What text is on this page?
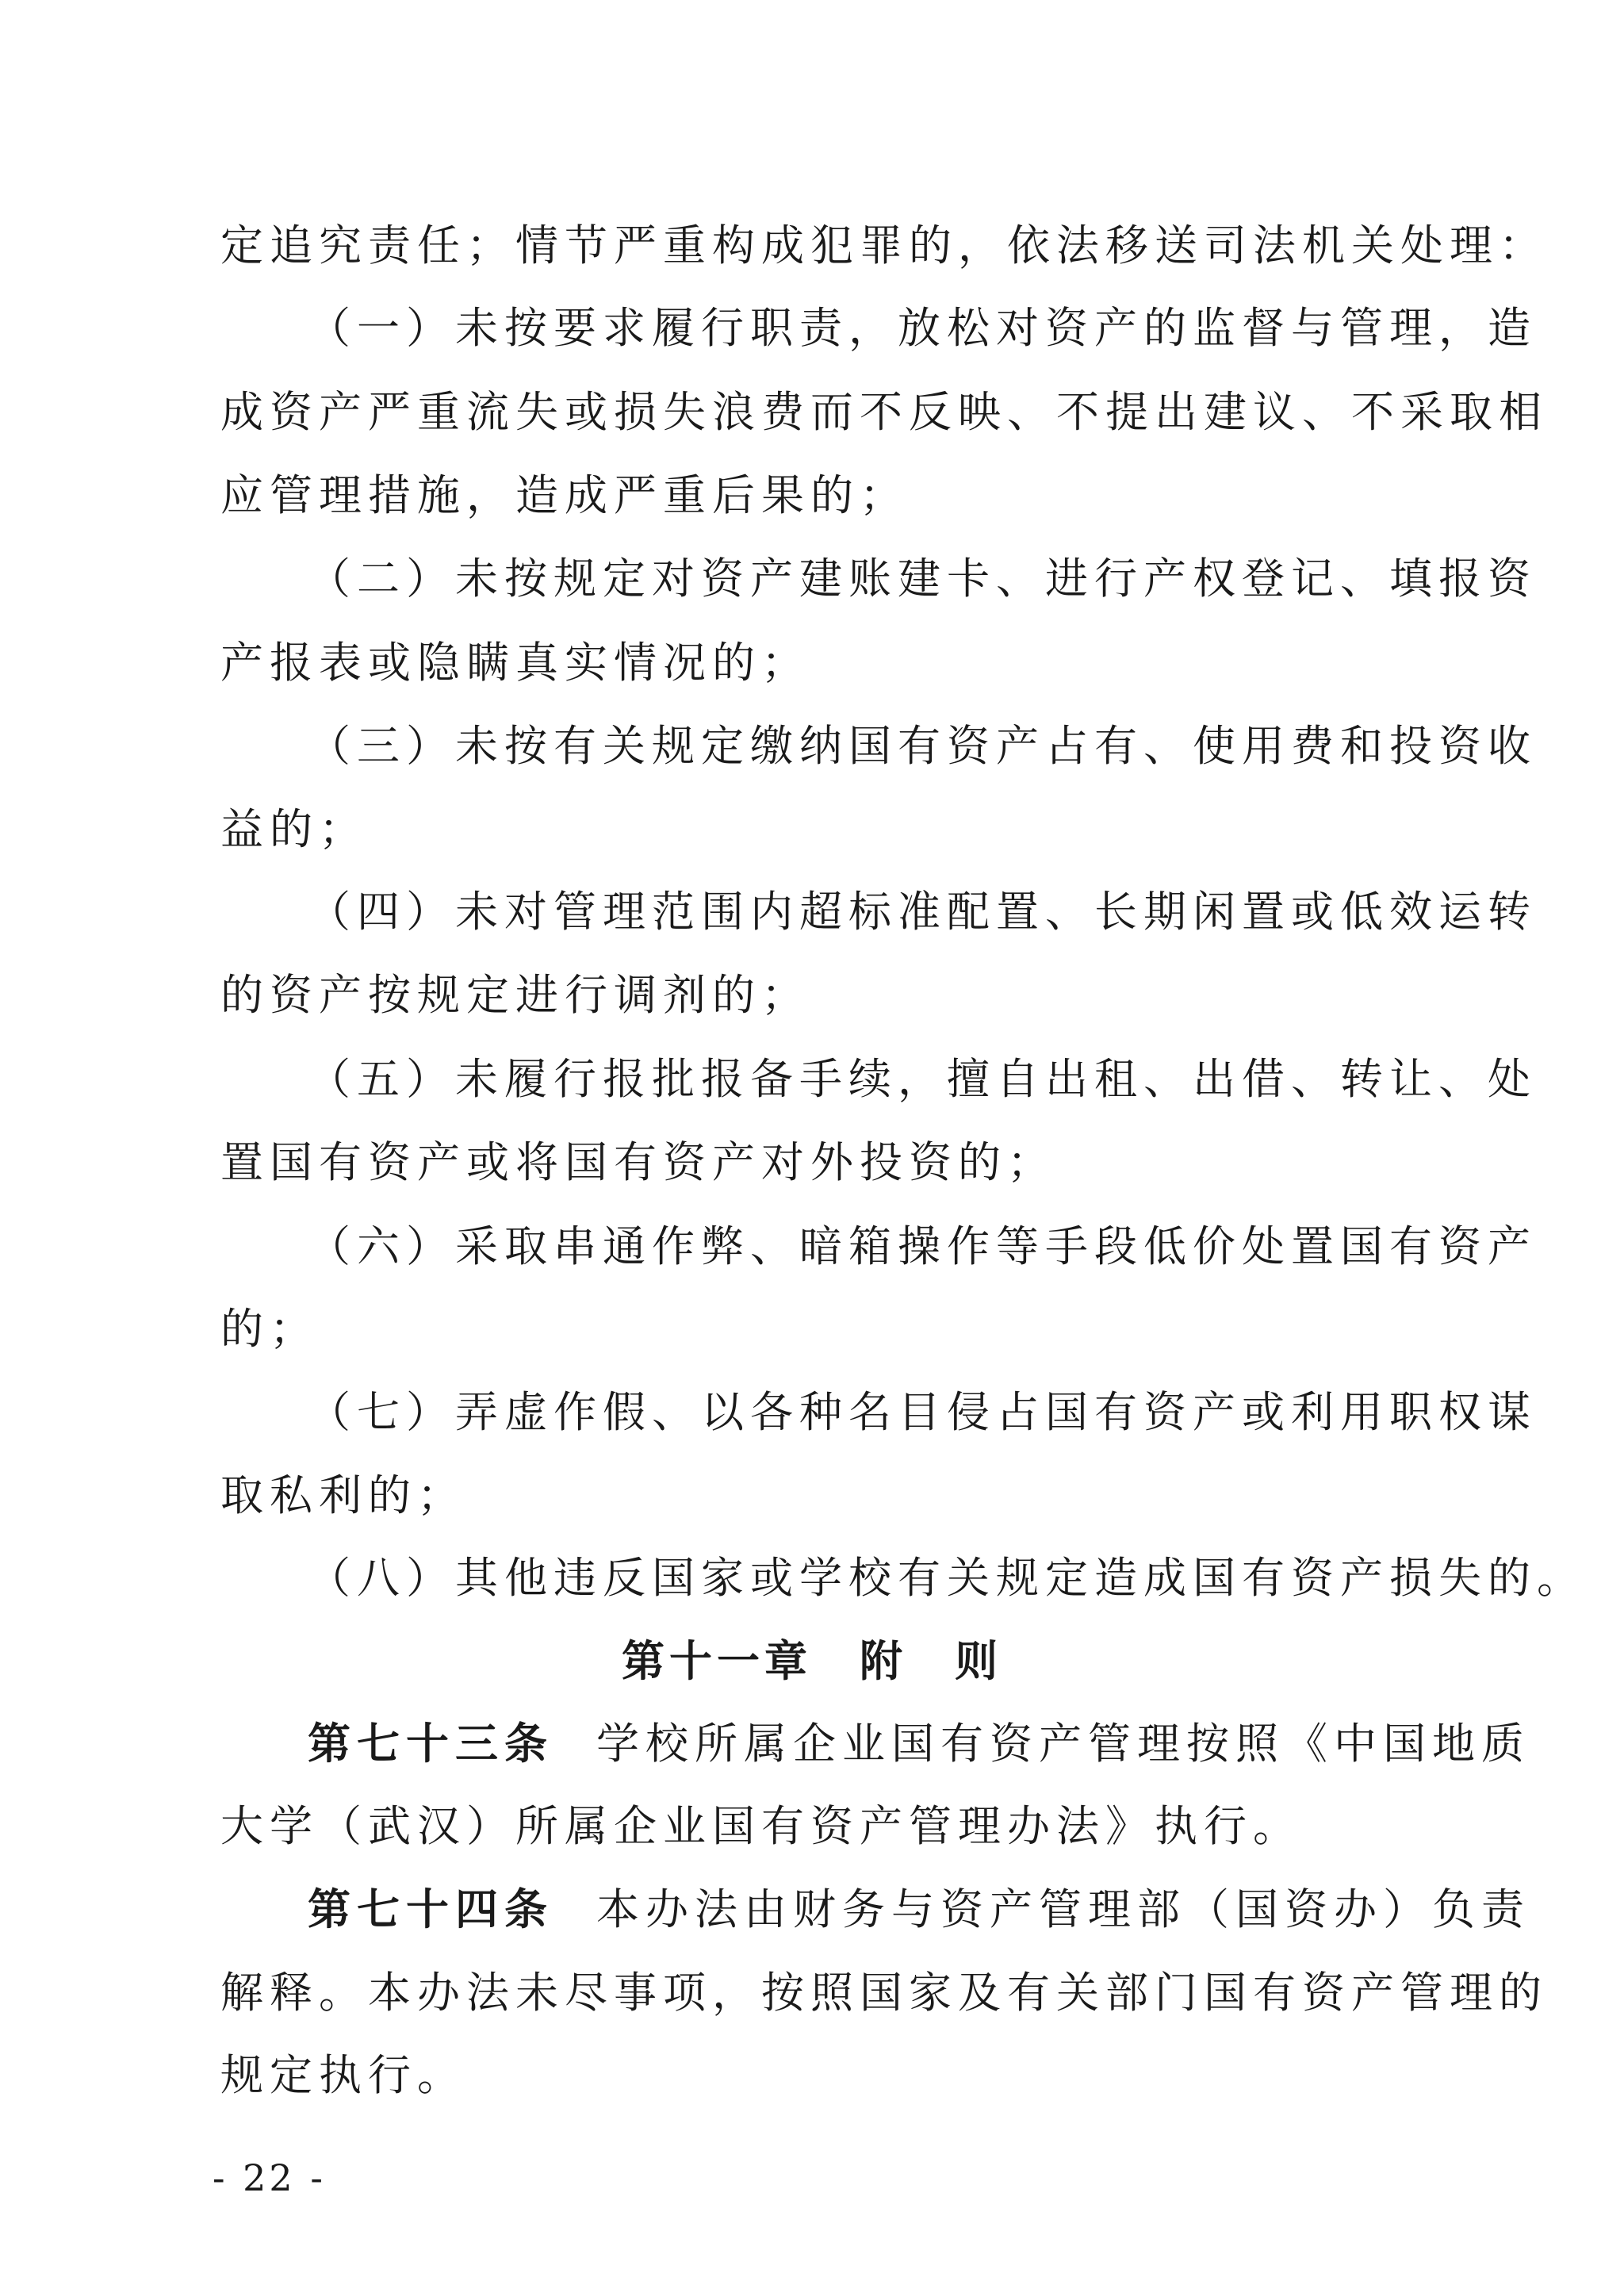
定追究责任；情节严重构成犯罪的，依法移送司法机关处理：
（一）未按要求履行职责，放松对资产的监督与管理，造
成资产严重流失或损失浪费而不反映、不提出建议、不采取相
应管理措施，造成严重后果的；
（二）未按规定对资产建账建卡、进行产权登记、填报资
产报表或隐瞒真实情况的；
（三）未按有关规定缴纳国有资产占有、使用费和投资收
益的；
（四）未对管理范围内超标准配置、长期闲置或低效运转
的资产按规定进行调剂的；
（五）未履行报批报备手续，擅自出租、出借、转让、处
置国有资产或将国有资产对外投资的；
（六）采取串通作弊、暗箱操作等手段低价处置国有资产
的；
（七）弄虚作假、以各种名目侵占国有资产或利用职权谋
取私利的；
（八）其他违反国家或学校有关规定造成国有资产损失的。
第十一章 附　则
第七十三条 学校所属企业国有资产管理按照《中国地质
大学（武汉）所属企业国有资产管理办法》执行。
第七十四条 本办法由财务与资产管理部（国资办）负责
解释。本办法未尽事项，按照国家及有关部门国有资产管理的
规定执行。
- 22 -
